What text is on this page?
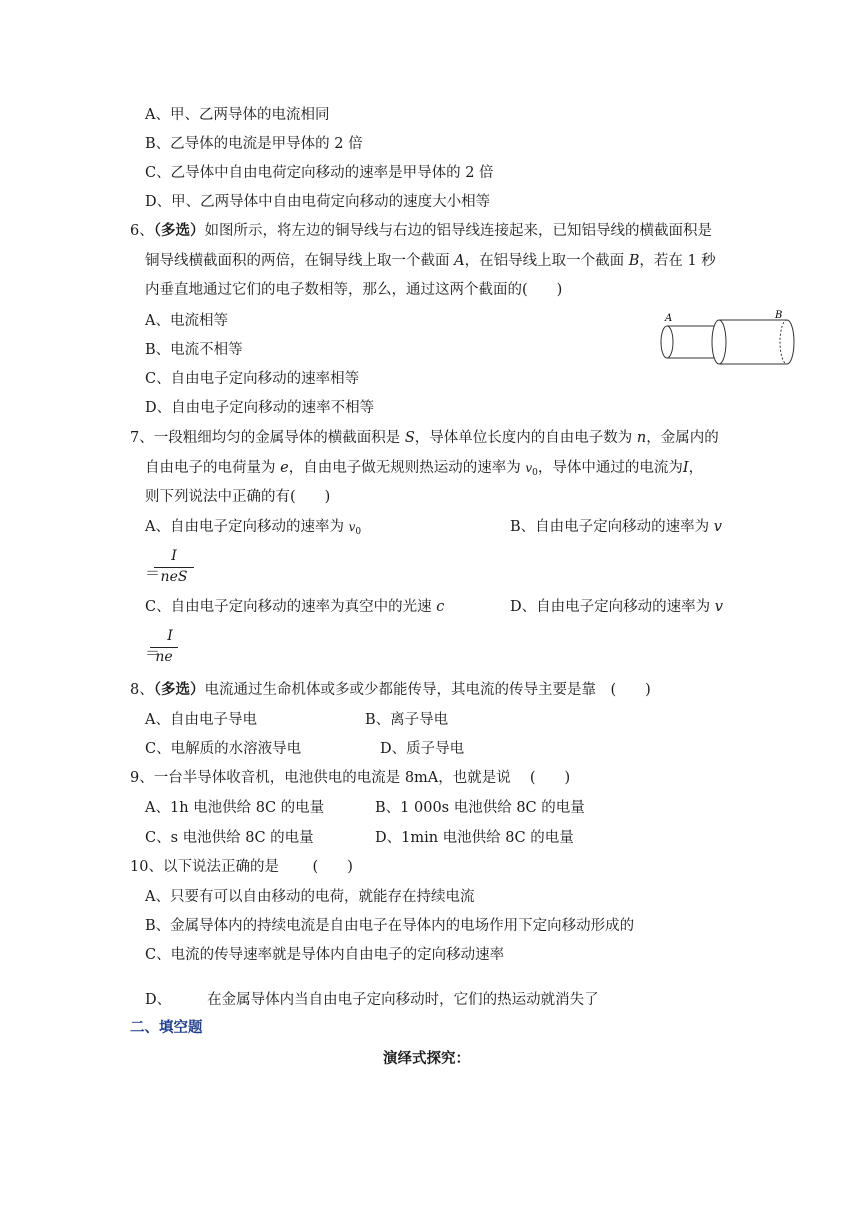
A、甲、乙两导体的电流相同
B、乙导体的电流是甲导体的 2 倍
C、乙导体中自由电荷定向移动的速率是甲导体的 2 倍
D、甲、乙两导体中自由电荷定向移动的速度大小相等
6、（多选）如图所示，将左边的铜导线与右边的铝导线连接起来，已知铝导线的横截面积是
铜导线横截面积的两倍，在铜导线上取一个截面 A，在铝导线上取一个截面 B，若在 1 秒
内垂直地通过它们的电子数相等，那么，通过这两个截面的(　　)
A、电流相等
B、电流不相等
C、自由电子定向移动的速率相等
D、自由电子定向移动的速率不相等
A	B
7、一段粗细均匀的金属导体的横截面积是 S，导体单位长度内的自由电子数为 n，金属内的
自由电子的电荷量为 e，自由电子做无规则热运动的速率为 $v_0$，导体中通过的电流为I，
则下列说法中正确的有(　　)
A、自由电子定向移动的速率为 $v_0$	B、自由电子定向移动的速率为 v
＝
I
neS
C、自由电子定向移动的速率为真空中的光速 c	D、自由电子定向移动的速率为 v
＝
I
ne
8、（多选）电流通过生命机体或多或少都能传导，其电流的传导主要是靠　(　　)
A、自由电子导电	B、离子导电
C、电解质的水溶液导电	D、质子导电
9、一台半导体收音机，电池供电的电流是 8mA，也就是说　 (　　)
A、1h 电池供给 8C 的电量	B、1 000s 电池供给 8C 的电量
C、s 电池供给 8C 的电量	D、1min 电池供给 8C 的电量
10、以下说法正确的是　　 (　　)
A、只要有可以自由移动的电荷，就能存在持续电流
B、金属导体内的持续电流是自由电子在导体内的电场作用下定向移动形成的
C、电流的传导速率就是导体内自由电子的定向移动速率
D、 在金属导体内当自由电子定向移动时，它们的热运动就消失了
二、填空题
演绎式探究：
